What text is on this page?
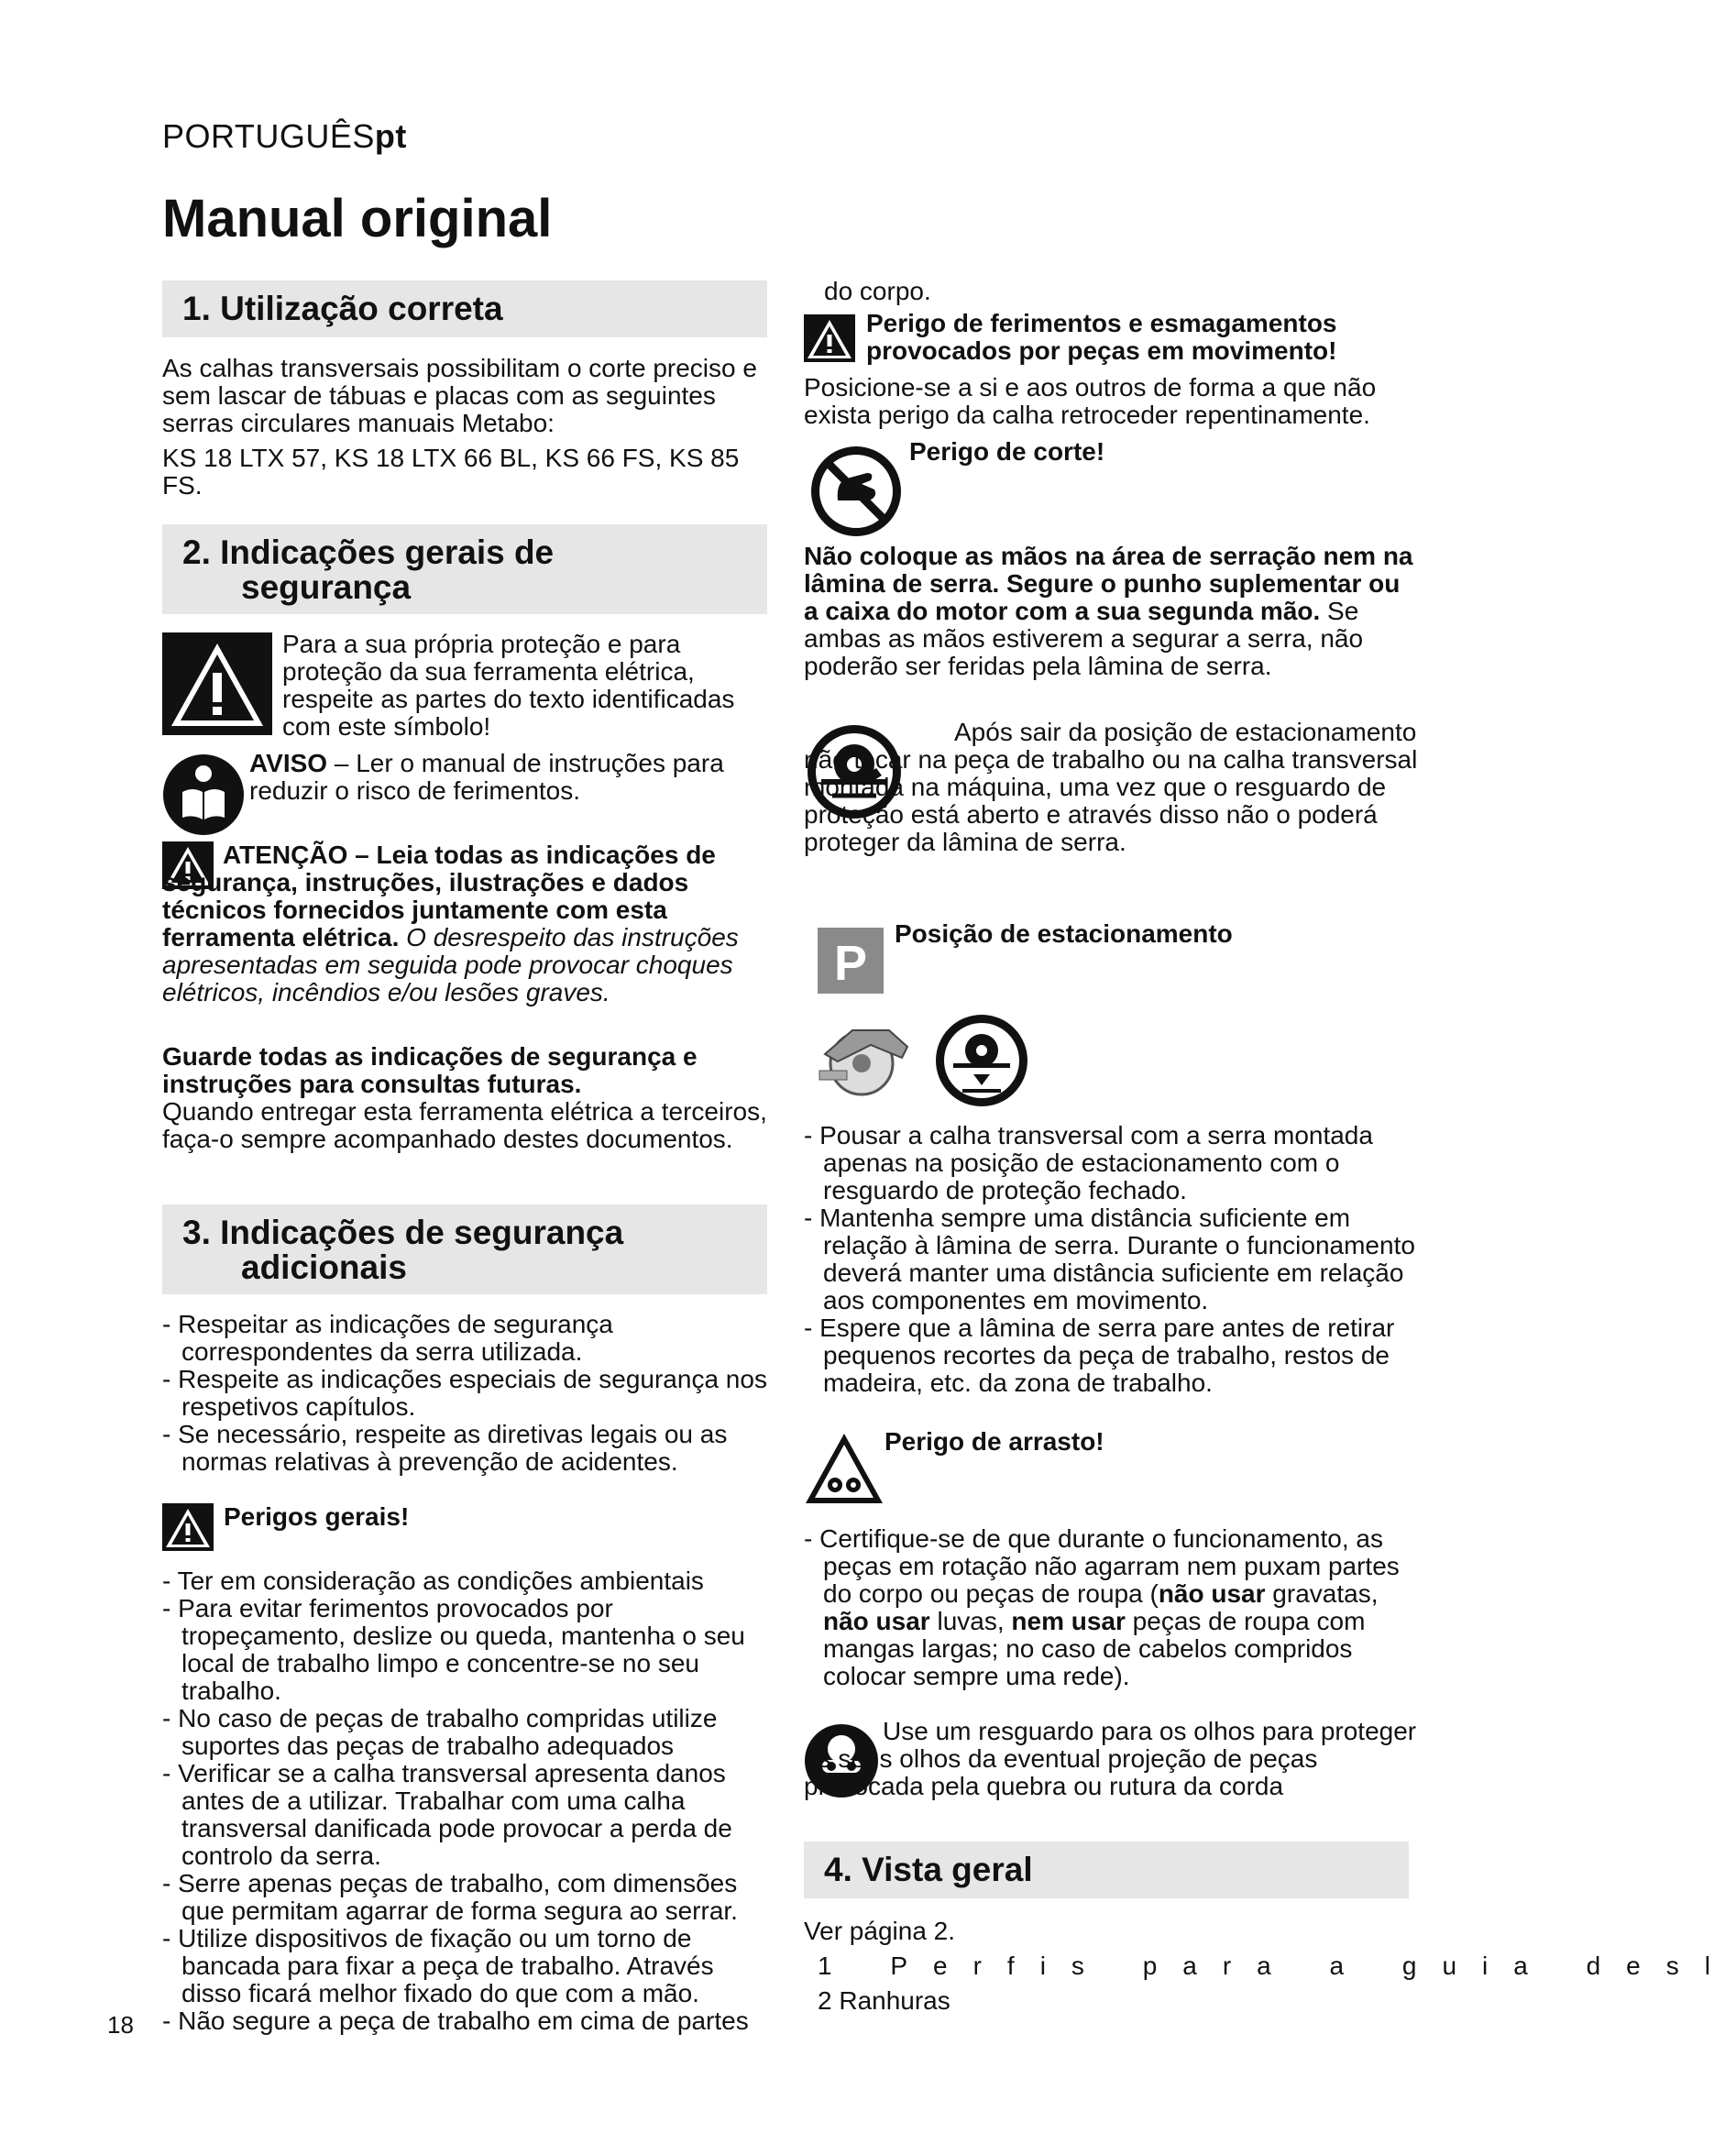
PORTUGUÊSpt
Manual original
1. Utilização correta

As calhas transversais possibilitam o corte preciso e sem lascar de tábuas e placas com as seguintes serras circulares manuais Metabo:

KS 18 LTX 57, KS 18 LTX 66 BL, KS 66 FS, KS 85 FS.

2. Indicações gerais de
segurança
Para a sua própria proteção e para proteção da sua ferramenta elétrica, respeite as partes do texto identificadas com este símbolo!
AVISO – Ler o manual de instruções para reduzir o risco de ferimentos.
ATENÇÃO – Leia todas as indicações de segurança, instruções, ilustrações e dados técnicos fornecidos juntamente com esta ferramenta elétrica. O desrespeito das instruções apresentadas em seguida pode provocar choques elétricos, incêndios e/ou lesões graves.

Guarde todas as indicações de segurança e instruções para consultas futuras.

Quando entregar esta ferramenta elétrica a terceiros, faça-o sempre acompanhado destes documentos.

3. Indicações de segurança
adicionais
- Respeitar as indicações de segurança correspondentes da serra utilizada.
- Respeite as indicações especiais de segurança nos respetivos capítulos.
- Se necessário, respeite as diretivas legais ou as normas relativas à prevenção de acidentes.
Perigos gerais!
- Ter em consideração as condições ambientais
- Para evitar ferimentos provocados por tropeçamento, deslize ou queda, mantenha o seu local de trabalho limpo e concentre-se no seu trabalho.
- No caso de peças de trabalho compridas utilize suportes das peças de trabalho adequados
- Verificar se a calha transversal apresenta danos antes de a utilizar. Trabalhar com uma calha transversal danificada pode provocar a perda de controlo da serra.
- Serre apenas peças de trabalho, com dimensões que permitam agarrar de forma segura ao serrar.
- Utilize dispositivos de fixação ou um torno de bancada para fixar a peça de trabalho. Através disso ficará melhor fixado do que com a mão.
- Não segure a peça de trabalho em cima de partes
18
do corpo.
Perigo de ferimentos e esmagamentos provocados por peças em movimento!
Posicione-se a si e aos outros de forma a que não exista perigo da calha retroceder repentinamente.
Perigo de corte!
Não coloque as mãos na área de serração nem na lâmina de serra. Segure o punho suplementar ou a caixa do motor com a sua segunda mão. Se ambas as mãos estiverem a segurar a serra, não poderão ser feridas pela lâmina de serra.
Após sair da posição de estacionamento não tocar na peça de trabalho ou na calha transversal montada na máquina, uma vez que o resguardo de proteção está aberto e através disso não o poderá proteger da lâmina de serra.
P
Posição de estacionamento
- Pousar a calha transversal com a serra montada apenas na posição de estacionamento com o resguardo de proteção fechado.
- Mantenha sempre uma distância suficiente em relação à lâmina de serra. Durante o funcionamento deverá manter uma distância suficiente em relação aos componentes em movimento.
- Espere que a lâmina de serra pare antes de retirar pequenos recortes da peça de trabalho, restos de madeira, etc. da zona de trabalho.
Perigo de arrasto!
- Certifique-se de que durante o funcionamento, as peças em rotação não agarram nem puxam partes do corpo ou peças de roupa (não usar gravatas, não usar luvas, nem usar peças de roupa com mangas largas; no caso de cabelos compridos colocar sempre uma rede).
Use um resguardo para os olhos para proteger os seus olhos da eventual projeção de peças provocada pela quebra ou rutura da corda
4. Vista geral
Ver página 2.
1 Perfis para a guia desl
2 Ranhuras
